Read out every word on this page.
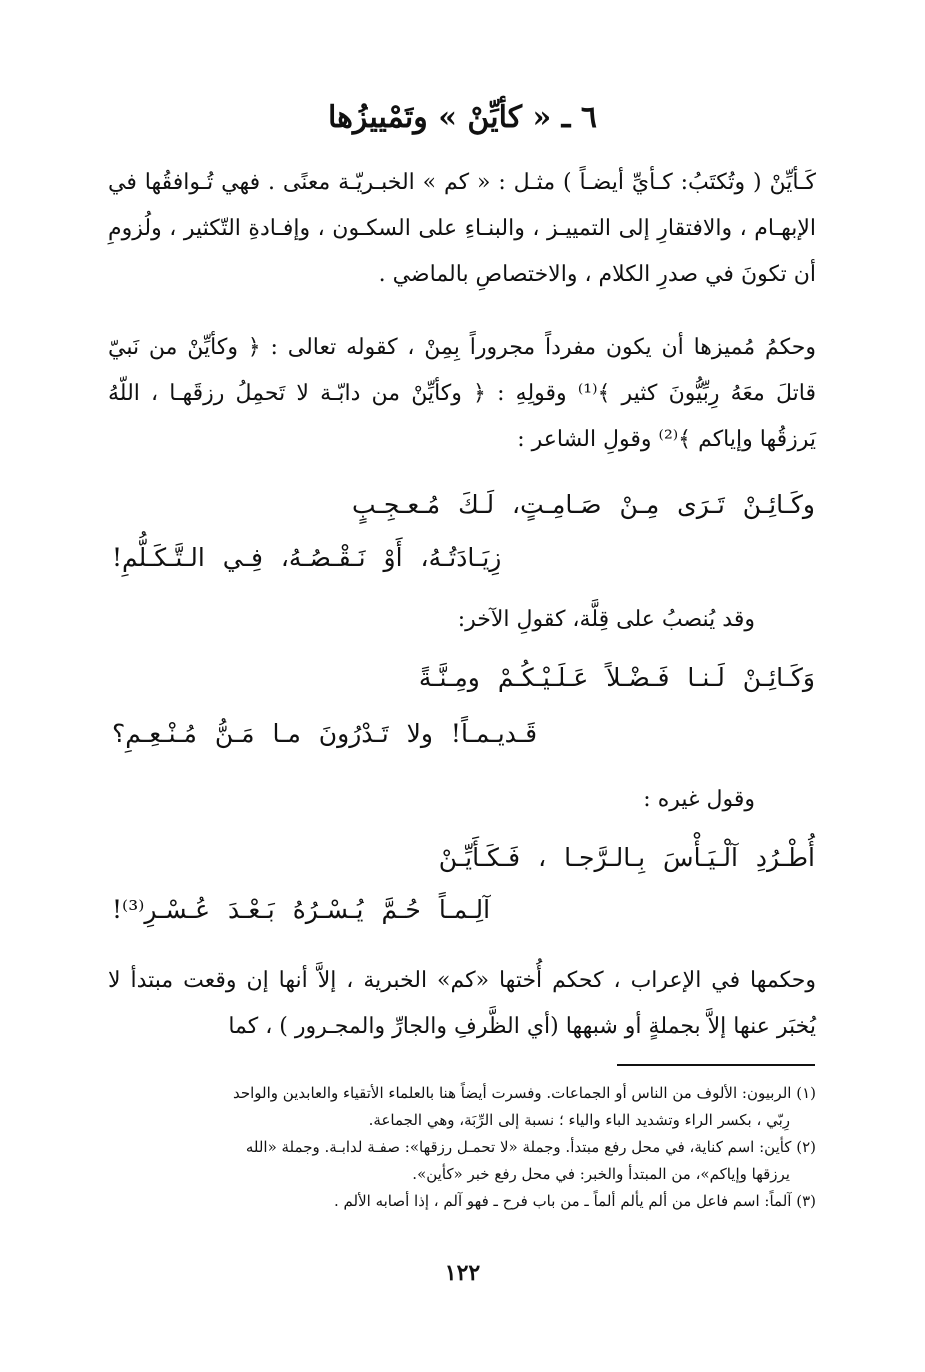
٦ ـ « كأيِّنْ » وتَمْييزُها
كَـأيِّنْ ( وتُكتَبُ: كـأيِّ أيضـاً ) مثـل : « كم » الخبـريّـة معنًى . فهي تُـوافقُها في الإبهـام ، والافتقارِ إلى التمييـز ، والبنـاءِ على السكـون ، وإفـادةِ التّكثير ، ولُزومِ أن تكونَ في صدرِ الكلام ، والاختصاصِ بالماضي .
وحكمُ مُميزها أن يكون مفرداً مجروراً بِمِنْ ، كقوله تعالى : ﴿ وكأيِّنْ من نَبيّ قاتلَ معَهُ رِبِّيُّونَ كثير ﴾⁽¹⁾ وقولِهِ : ﴿ وكأيِّنْ من دابّـة لا تَحمِلُ رزقَهـا ، اللّهُ يَرزقُها وإياكم ﴾⁽²⁾ وقولِ الشاعر :
وكَـائِـنْ تَـرَى مِـنْ صَـامِـتٍ، لَـكَ مُـعـجِـبٍ
زِيَـادَتُـهُ، أَوْ نَـقْـصُـهُ، فِـي الـتَّـكَـلُّمِ!
وقد يُنصبُ على قِلَّة، كقولِ الآخر:
وَكَـائِـنْ لَـنـا فَـضْـلاً عَـلَـيْـكُـمْ ومِـنَّـةً
قَـديـمـاً! ولا تَـدْرُونَ مـا مَـنُّ مُـنْـعِـمِ؟
وقول غيره :
أُطْـرُدِ آلْـيَـأْسَ بِـالـرَّجـا ، فَـكَـأَيِّـنْ
آلِـمـاً حُـمَّ يُـسْـرُهُ بَـعْـدَ عُـسْـرِ⁽³⁾!
وحكمها في الإعراب ، كحكم أُختها «كم» الخبرية ، إلاَّ أنها إن وقعت مبتدأ لا يُخبَر عنها إلاَّ بجملةٍ أو شبهها (أي الظَّرفِ والجارِّ والمجـرور ) ، كما

(١) الربيون: الألوف من الناس أو الجماعات. وفسرت أيضاً هنا بالعلماء الأتقياء والعابدين والواحد

رِبّي ، بكسر الراء وتشديد الباء والياء ؛ نسبة إلى الرِّبَة، وهي الجماعة.

(٢) كأين: اسم كناية، في محل رفع مبتدأ. وجملة «لا تحمـل رزقها»: صفـة لدابـة. وجملة «الله

يرزقها وإياكم»، من المبتدأ والخبر: في محل رفع خبر «كأين».

(٣) آلماً: اسم فاعل من ألم يألم ألماً ـ من باب فرح ـ فهو آلم ، إذا أصابه الألم .

١٢٢
